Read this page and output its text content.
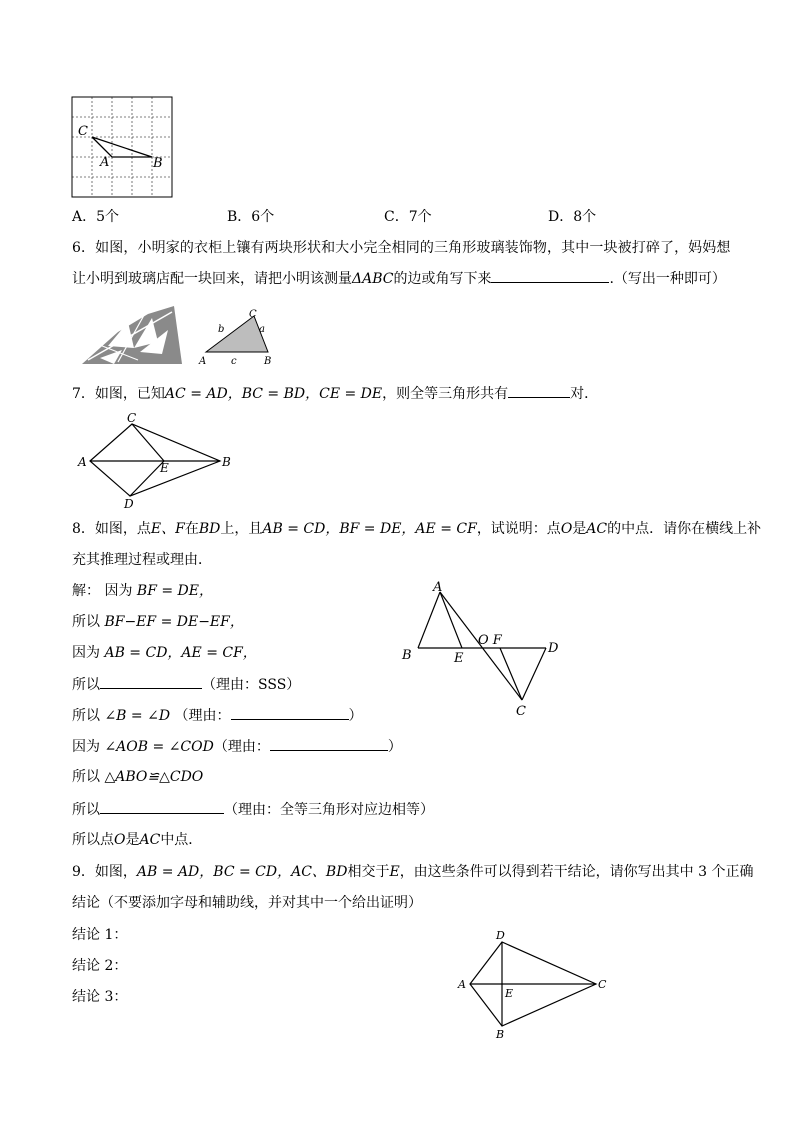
C
A	B
A．5个	B．6个	C．7个	D．8个
6．如图，小明家的衣柜上镶有两块形状和大小完全相同的三角形玻璃装饰物，其中一块被打碎了，妈妈想
让小明到玻璃店配一块回来，请把小明该测量ΔABC的边或角写下来	.（写出一种即可）
C
a
b
A c	B
7．如图，已知AC = AD，BC = BD，CE = DE，则全等三角形共有	对．
C
A	E	B
D
8．如图，点E、F在BD上，且AB = CD，BF = DE，AE = CF，试说明：点O是AC的中点．请你在横线上补
充其推理过程或理由．
解： 因为 BF = DE，
所以 BF−EF = DE−EF，
因为 AB = CD，AE = CF，
所以	（理由：SSS）
所以 ∠B = ∠D （理由：	）
因为 ∠AOB = ∠COD（理由：	）
所以 △ABO≌△CDO
所以	（理由：全等三角形对应边相等）
所以点O是AC中点．
A
B	E
O F
D
C
9．如图，AB = AD，BC = CD，AC、BD相交于E，由这些条件可以得到若干结论，请你写出其中 3 个正确
结论（不要添加字母和辅助线，并对其中一个给出证明）
结论 1：
结论 2：
结论 3：
D
A
E
C
B
